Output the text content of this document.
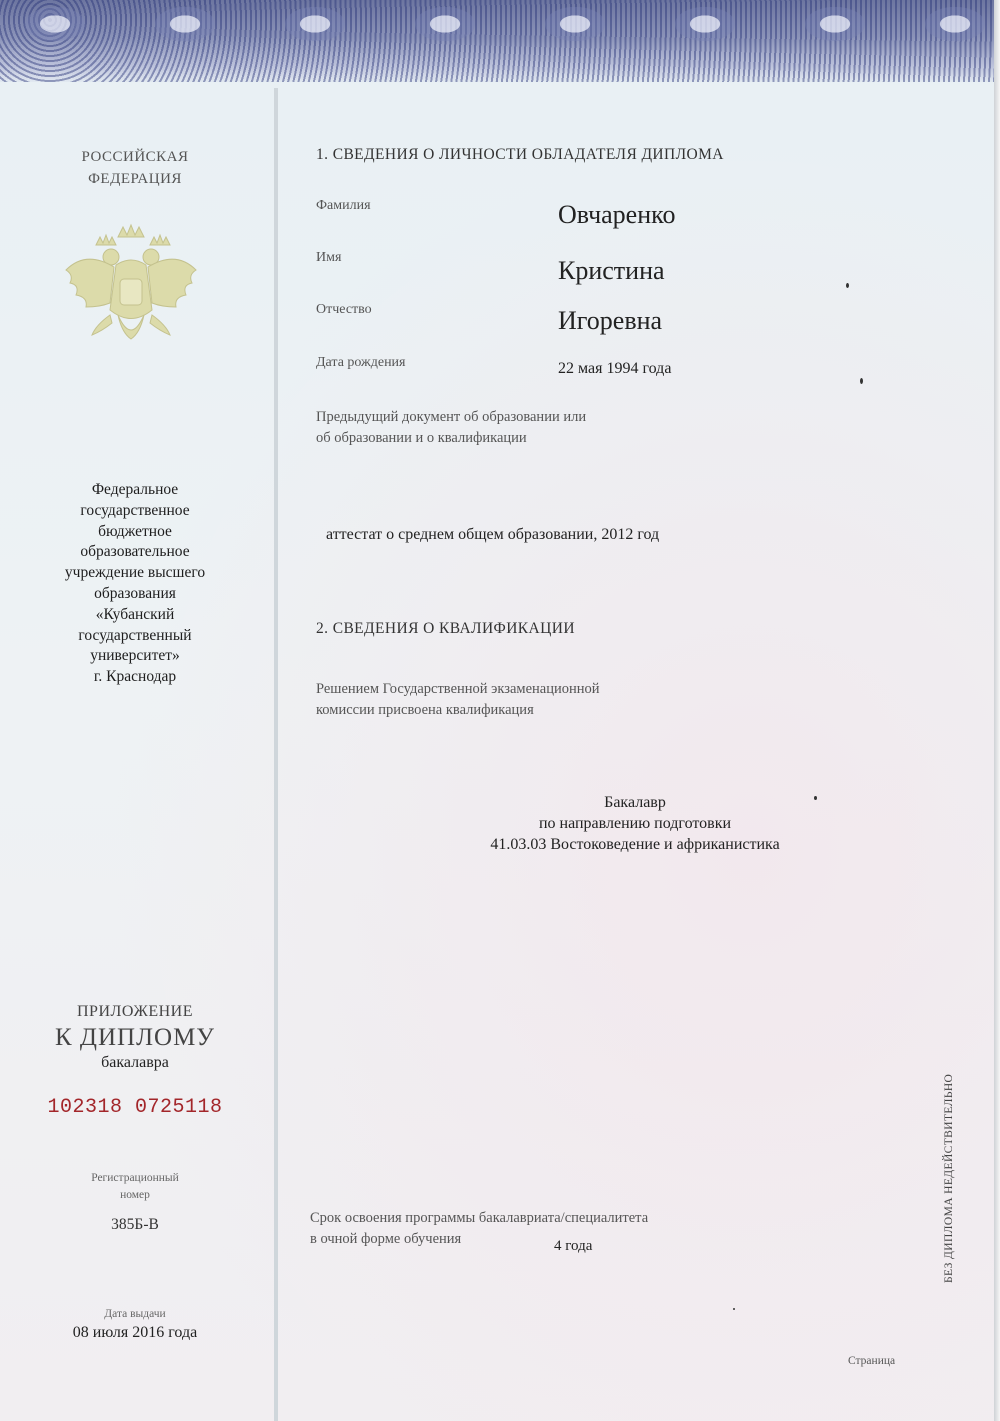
РОССИЙСКАЯ
ФЕДЕРАЦИЯ
Федеральное
государственное
бюджетное
образовательное
учреждение высшего
образования
«Кубанский
государственный
университет»
г. Краснодар
ПРИЛОЖЕНИЕ
К ДИПЛОМУ
бакалавра
102318 0725118
Регистрационный
номер
385Б-В
Дата выдачи
08 июля 2016 года
1. СВЕДЕНИЯ О ЛИЧНОСТИ ОБЛАДАТЕЛЯ ДИПЛОМА
Фамилия	Овчаренко
Имя	Кристина
Отчество	Игоревна
Дата рождения	22 мая 1994 года
Предыдущий документ об образовании или
об образовании и о квалификации
аттестат о среднем общем образовании, 2012 год
2. СВЕДЕНИЯ О КВАЛИФИКАЦИИ
Решением Государственной экзаменационной
комиссии присвоена квалификация
Бакалавр
по направлению подготовки
41.03.03 Востоковедение и африканистика
Срок освоения программы бакалавриата/специалитета
в очной форме обучения	4 года	БЕЗ ДИПЛОМА НЕДЕЙСТВИТЕЛЬНО
Страница
